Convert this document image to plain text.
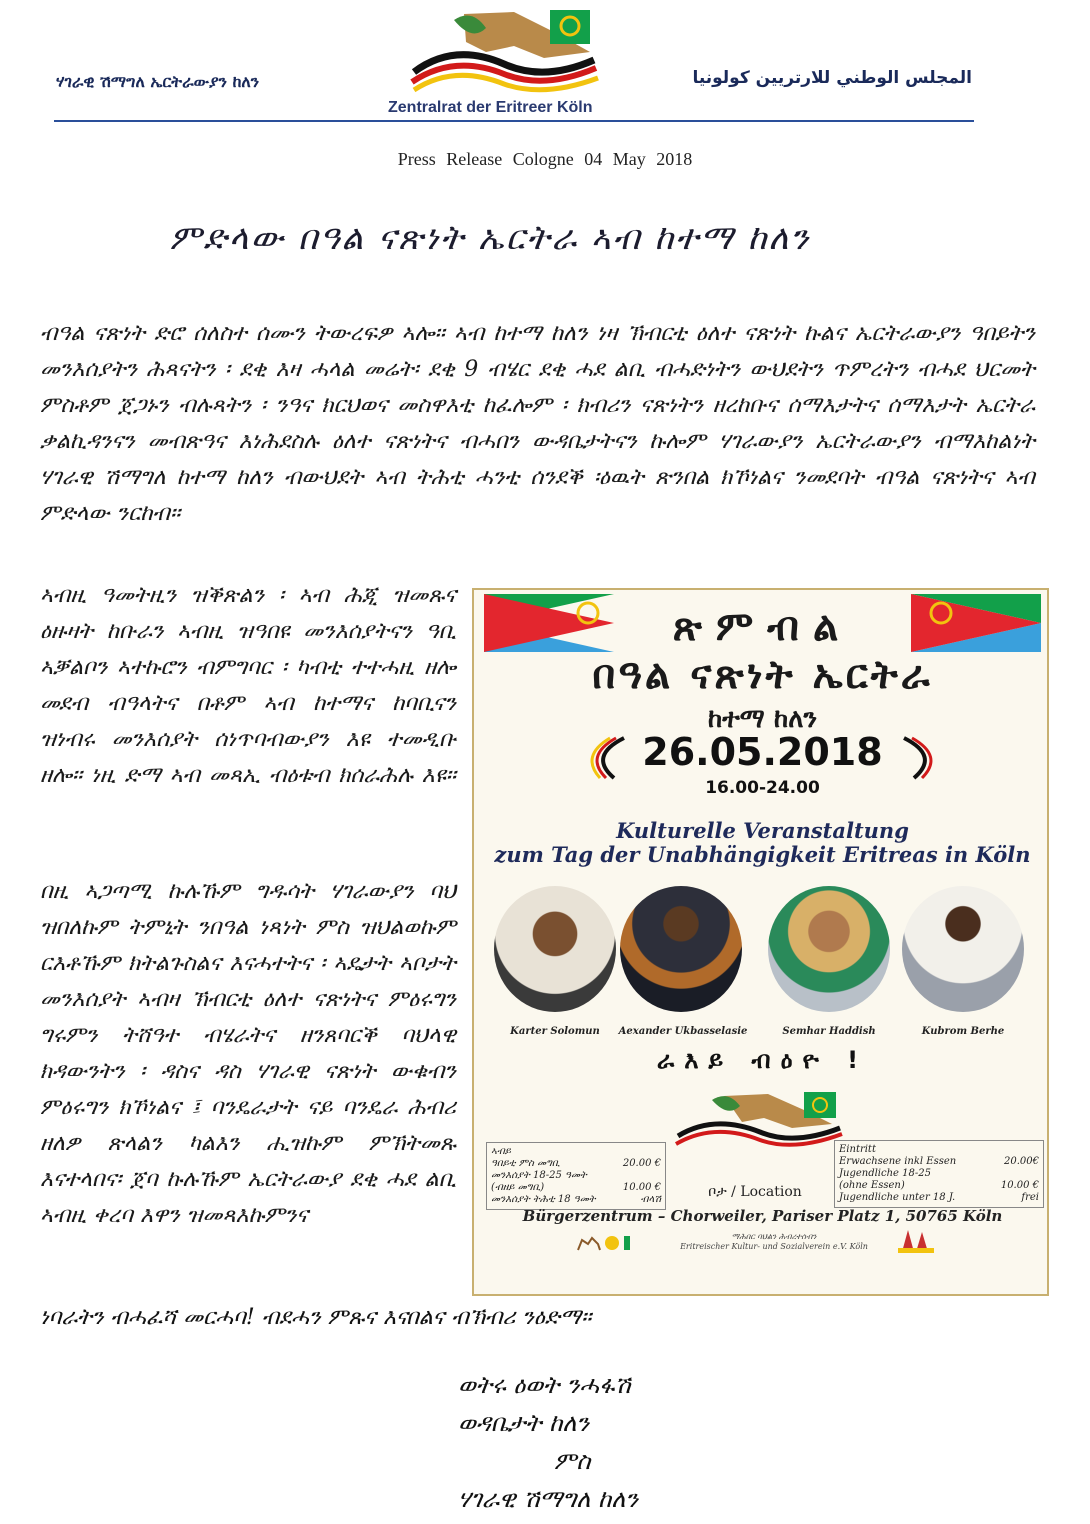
ሃገራዊ ሽማግለ ኤርትራውያን ከለን
Zentralrat der Eritreer Köln
المجلس الوطني للارتريين كولونيا
Press Release Cologne 04 May 2018
ምድላው በዓል ናጽነት ኤርትራ ኣብ ከተማ ከለን
ብዓል ናጽነት ድሮ ሰለስተ ሰሙን ትውረፍዎ ኣሎ። ኣብ ከተማ ከለን ነዛ ኽብርቲ ዕለተ ናጽነት ኩልና ኤርትራውያን ዓበይትን መንእሰያትን ሕጻናትን ፡ ደቂ እዛ ሓላል መሬት፡ ደቂ 9 ብሄር ደቂ ሓደ ልቢ ብሓድነትን ውህደትን ጥምረትን ብሓደ ህርመት ምስቶም ጀጋኑን ብሉጻትን ፡ ንዓና ክርህወና መስዋእቲ ከፈሎም ፡ ክብሪን ናጽነትን ዘረከቡና ሰማእታትና ሰማእታት ኤርትራ ቃልኪዳንናን መብጽዓና እነሕደስሉ ዕለተ ናጽነትና ብሓበን ውዳቤታትናን ኩሎም ሃገራውያን ኤርትራውያን ብማእከልነት ሃገራዊ ሽማግለ ከተማ ከለን ብውህደት ኣብ ትሕቲ ሓንቲ ሰንደቕ ፡ዕዉት ጽንበል ክኾነልና ንመደባት ብዓል ናጽነትና ኣብ ምድላው ንርከብ።
ኣብዚ ዓመትዚን ዝቕጽልን ፡ ኣብ ሕጂ ዝመጹና ዕዙዛት ከቡራን ኣብዚ ዝዓበዩ መንእሰያትናን ዓቢ ኣቓልቦን ኣተኩሮን ብምግባር ፡ ካብቲ ተተሓዚ ዘሎ መደብ ብዓላትና በቶም ኣብ ከተማና ከባቢናን ዝነብሩ መንእሰያት ሰነጥባብውያን እዩ ተመዲቡ ዘሎ። ነዚ ድማ ኣብ መጻኢ ብዕቱብ ክሰራሕሉ እዩ።
በዚ ኣጋጣሚ ኩሉኹም ግዱሳት ሃገራውያን ባህ ዝበለኩም ትምኒት ንበዓል ነጻነት ምስ ዝህልወኩም ርእቶኹም ክትልጉስልና እናሓተትና ፡ ኣዴታት ኣቦታት መንእሰያት ኣብዛ ኽብርቲ ዕለተ ናጽነትና ምዕሩግን ግሩምን ትሸዓተ ብሄራትና ዘንጸባርቕ ባህላዊ ክዳውንትን ፡ ዳስና ዳስ ሃገራዊ ናጽነት ውቁብን ምዕሩግን ክኾነልና ፤ ባንዴራታት ናይ ባንዴራ ሕብሪ ዘለዎ ጽላልን ካልእን ሒዝኩም ምኽትመጹ እናተላበና፡ ጀባ ኩሉኹም ኤርትራውያ ደቂ ሓደ ልቢ ኣብዚ ቀረባ እዋን ዝመጻእኩምንና
ነባራትን ብሓፈሻ መርሓባ! ብደሓን ምጹና እናበልና ብኽብሪ ንዕድማ።
ጽምብል
በዓል ናጽነት ኤርትራ
ከተማ ከለን
26.05.2018
16.00-24.00
Kulturelle Veranstaltung
zum Tag der Unabhängigkeit Eritreas in Köln
Karter Solomun	Aexander Ukbasselasie	Semhar Haddish	Kubrom Berhe
ራእይ ብዕዮ !
ኣብይ
ዓበይቲ ምስ መግቢ	20.00 €
መንእሰያት 18-25 ዓመት
(ብዘይ መግቢ)	10.00 €
መንእሰያት ትሕቲ 18 ዓመት	ብላሽ
Eintritt
Erwachsene inkl Essen	20.00€
Jugendliche 18-25
(ohne Essen)	10.00 €
Jugendliche unter 18 J.	frei
ቦታ / Location
Bürgerzentrum – Chorweiler, Pariser Platz 1, 50765 Köln
ማሕበር ባህልን ሕብረተሰብን
Eritreischer Kultur- und Sozialverein e.V. Köln
ወትሩ ዕወት ንሓፋሽ
ወዳቤታት ከለን
ምስ
ሃገራዊ ሽማግለ ከለን
